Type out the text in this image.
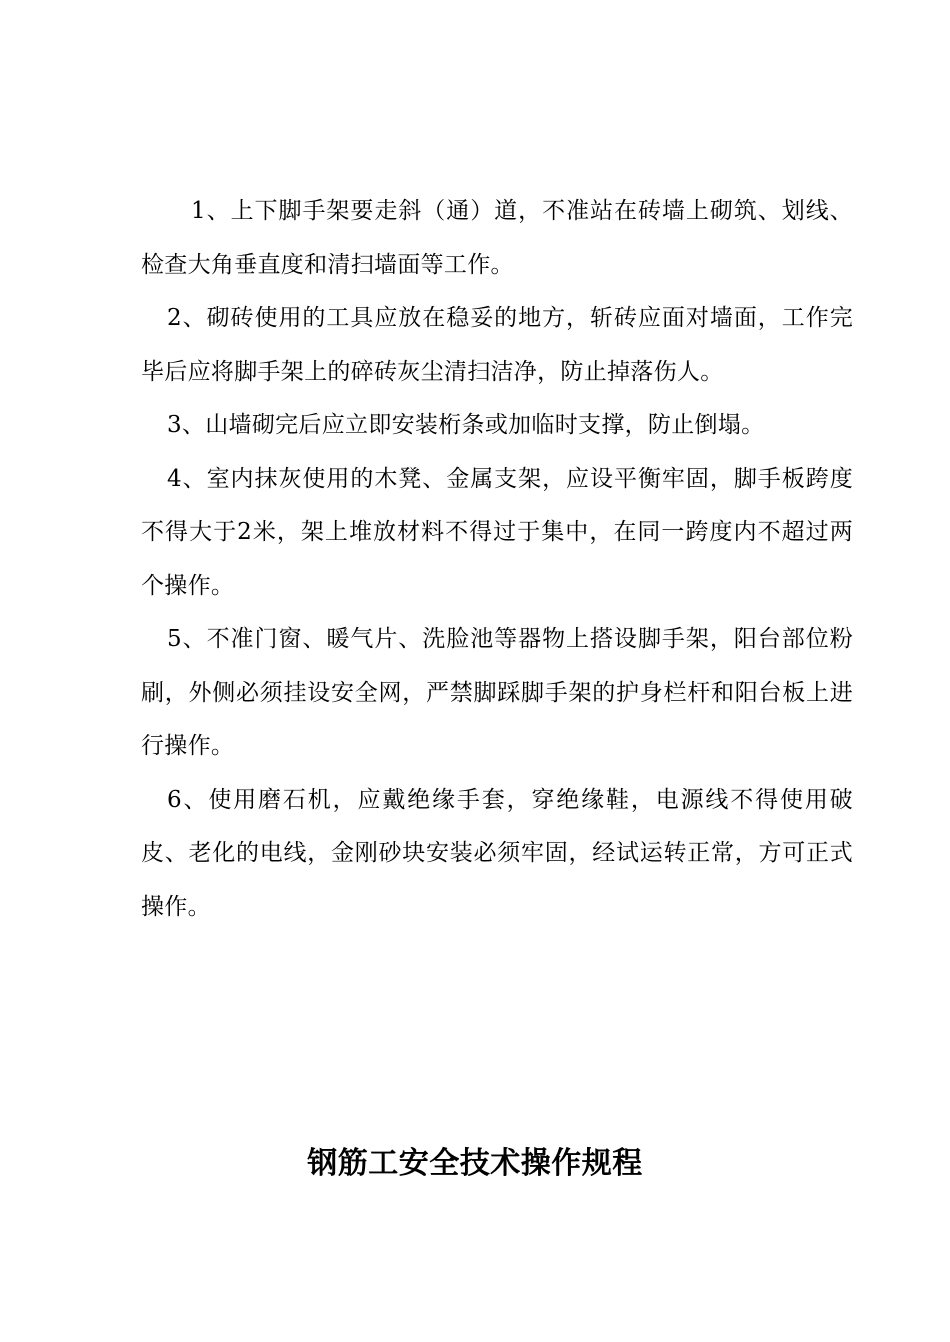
1、上下脚手架要走斜（通）道，不准站在砖墙上砌筑、划线、检查大角垂直度和清扫墙面等工作。

2、砌砖使用的工具应放在稳妥的地方，斩砖应面对墙面，工作完毕后应将脚手架上的碎砖灰尘清扫洁净，防止掉落伤人。

3、山墙砌完后应立即安装桁条或加临时支撑，防止倒塌。

4、室内抹灰使用的木凳、金属支架，应设平衡牢固，脚手板跨度不得大于2米，架上堆放材料不得过于集中，在同一跨度内不超过两个操作。

5、不准门窗、暖气片、洗脸池等器物上搭设脚手架，阳台部位粉刷，外侧必须挂设安全网，严禁脚踩脚手架的护身栏杆和阳台板上进行操作。

6、使用磨石机，应戴绝缘手套，穿绝缘鞋，电源线不得使用破皮、老化的电线，金刚砂块安装必须牢固，经试运转正常，方可正式操作。

钢筋工安全技术操作规程
